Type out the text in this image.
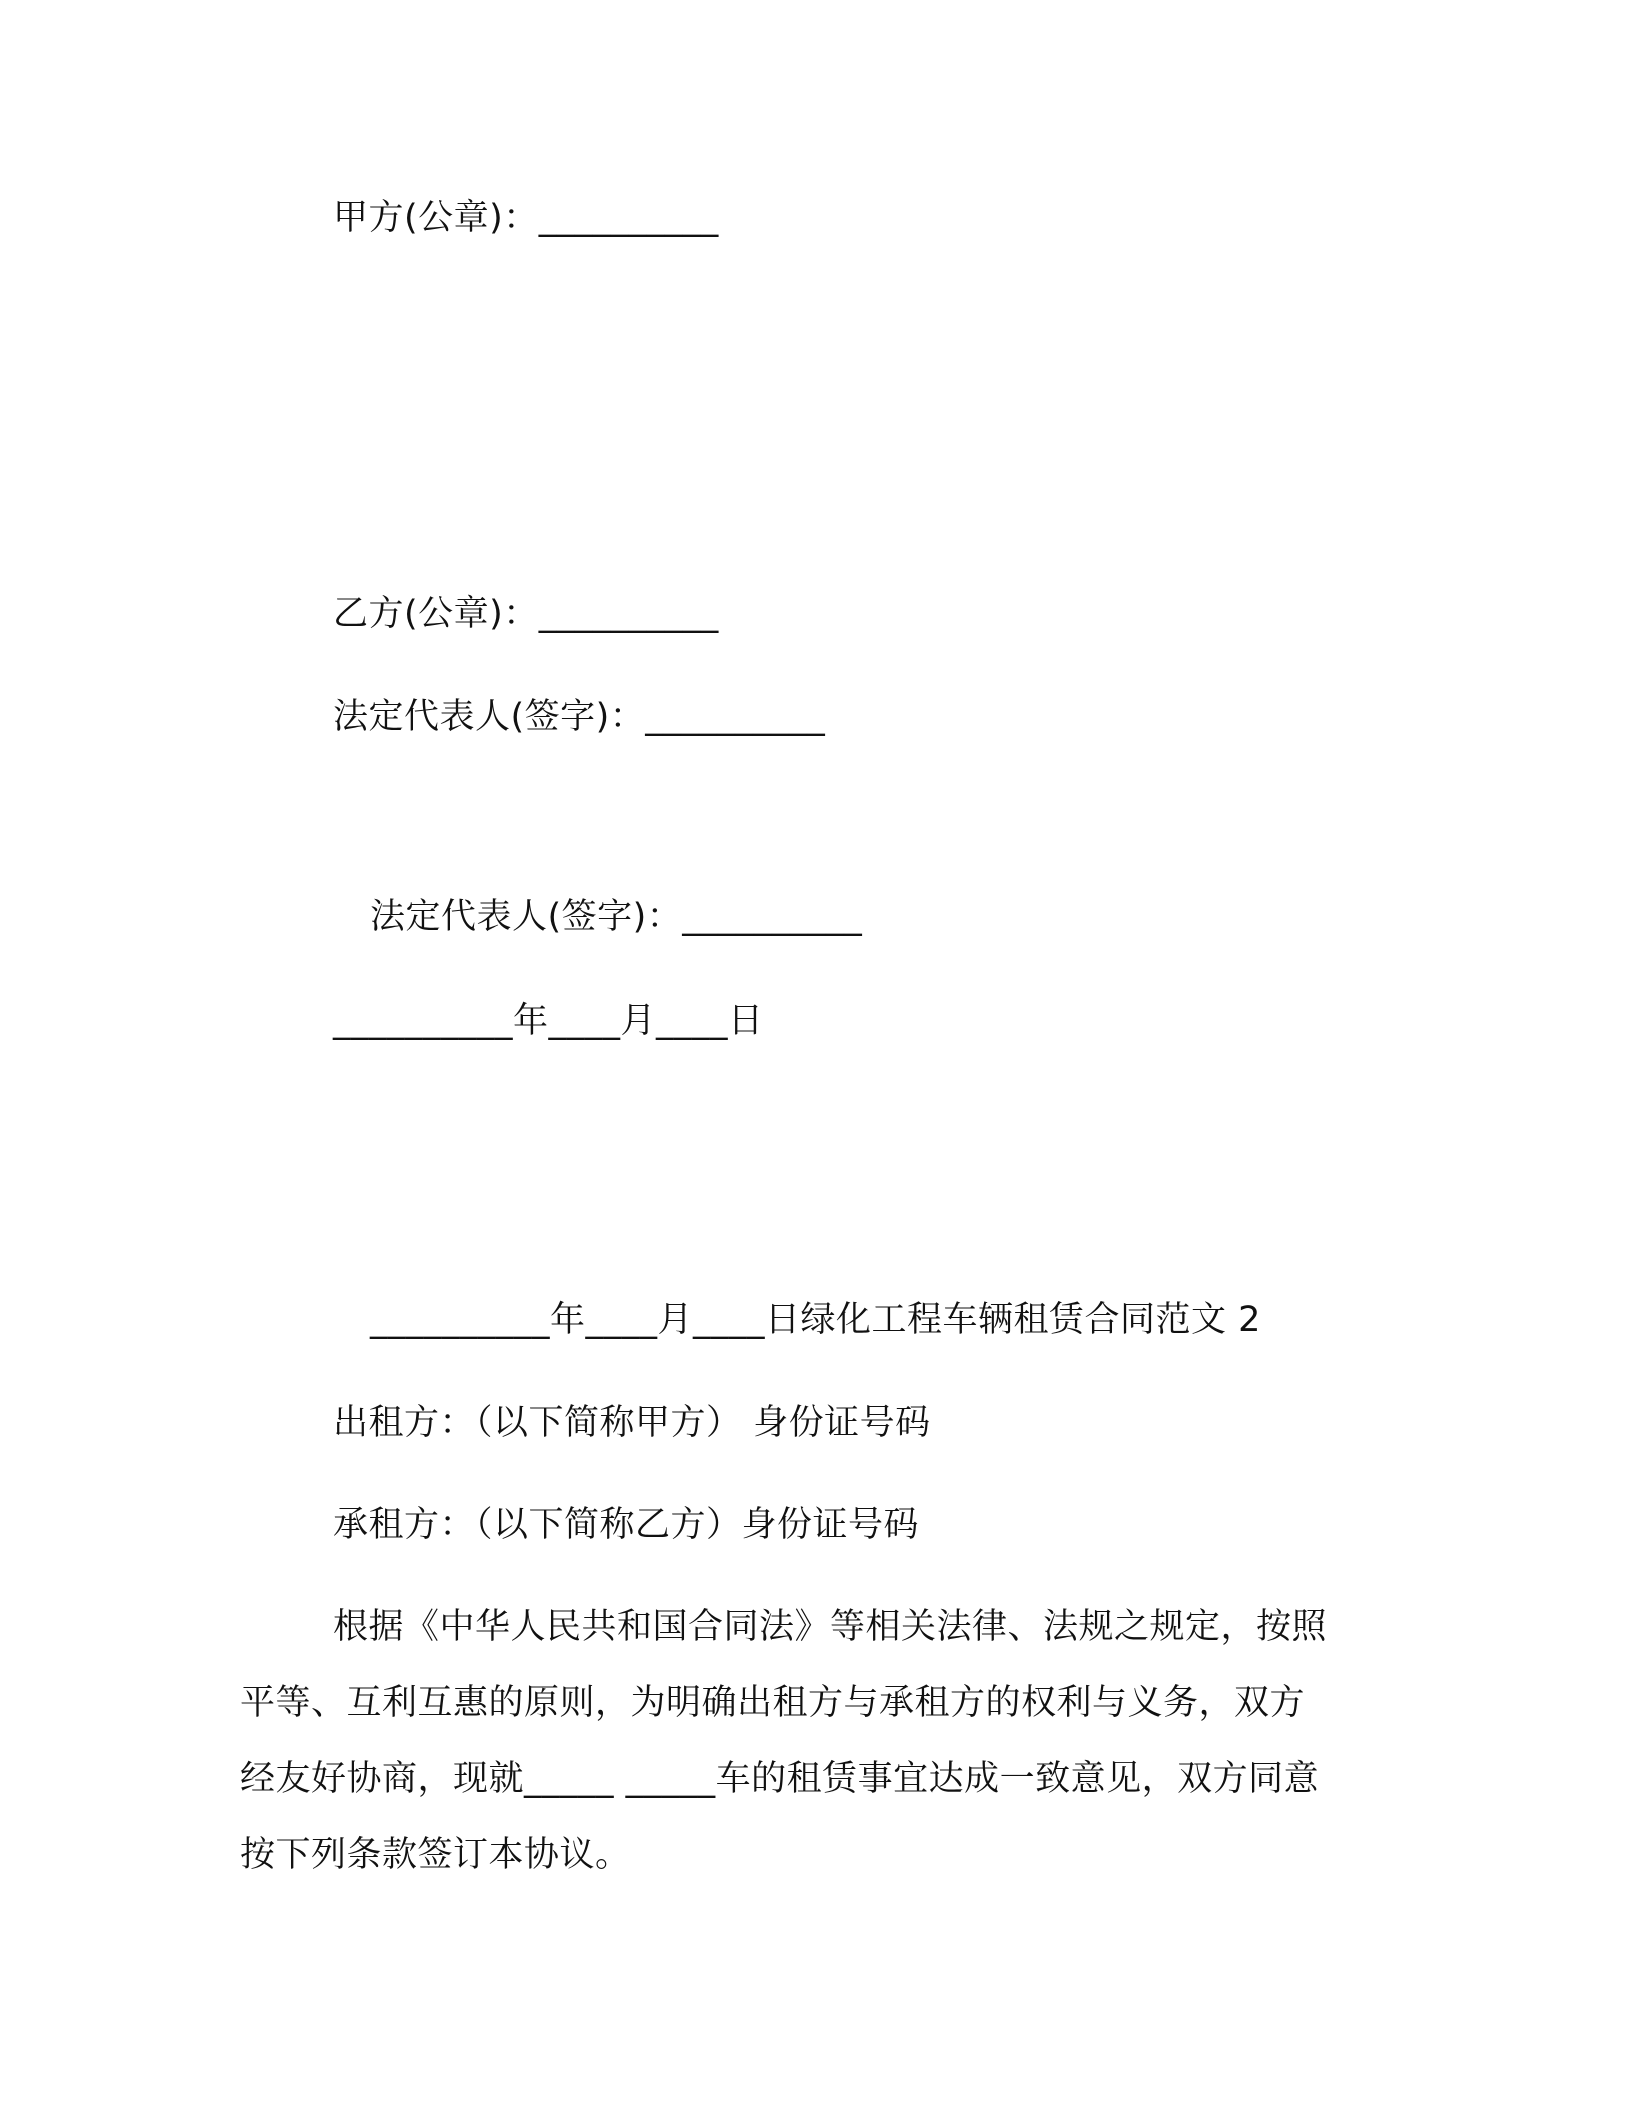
甲方(公章)：__________
乙方(公章)：__________
法定代表人(签字)：__________
法定代表人(签字)：__________
__________年____月____日
__________年____月____日绿化工程车辆租赁合同范文 2
出租方：（以下简称甲方） 身份证号码
承租方：（以下简称乙方）身份证号码
根据《中华人民共和国合同法》等相关法律、法规之规定，按照
平等、互利互惠的原则，为明确出租方与承租方的权利与义务，双方
经友好协商，现就_____ _____车的租赁事宜达成一致意见，双方同意
按下列条款签订本协议。
